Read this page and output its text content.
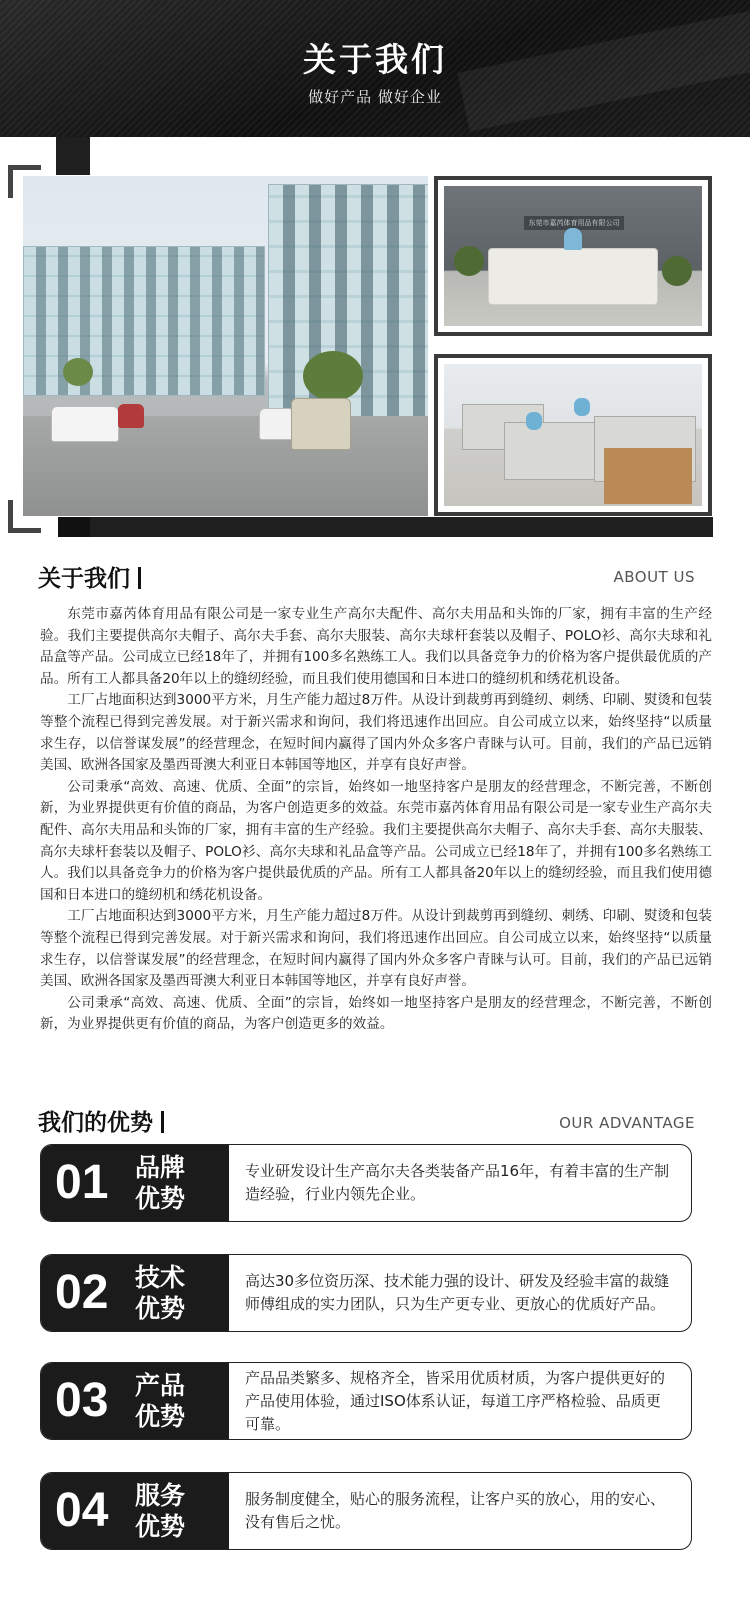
关于我们
做好产品 做好企业
东莞市嘉芮体育用品有限公司
关于我们	ABOUT US

东莞市嘉芮体育用品有限公司是一家专业生产高尔夫配件、高尔夫用品和头饰的厂家，拥有丰富的生产经验。我们主要提供高尔夫帽子、高尔夫手套、高尔夫服装、高尔夫球杆套装以及帽子、POLO衫、高尔夫球和礼品盒等产品。公司成立已经18年了，并拥有100多名熟练工人。我们以具备竞争力的价格为客户提供最优质的产品。所有工人都具备20年以上的缝纫经验，而且我们使用德国和日本进口的缝纫机和绣花机设备。

工厂占地面积达到3000平方米，月生产能力超过8万件。从设计到裁剪再到缝纫、刺绣、印刷、熨烫和包装等整个流程已得到完善发展。对于新兴需求和询问，我们将迅速作出回应。自公司成立以来，始终坚持“以质量求生存，以信誉谋发展”的经营理念，在短时间内赢得了国内外众多客户青睐与认可。目前，我们的产品已远销美国、欧洲各国家及墨西哥澳大利亚日本韩国等地区，并享有良好声誉。

公司秉承“高效、高速、优质、全面”的宗旨，始终如一地坚持客户是朋友的经营理念，不断完善，不断创新，为业界提供更有价值的商品，为客户创造更多的效益。东莞市嘉芮体育用品有限公司是一家专业生产高尔夫配件、高尔夫用品和头饰的厂家，拥有丰富的生产经验。我们主要提供高尔夫帽子、高尔夫手套、高尔夫服装、高尔夫球杆套装以及帽子、POLO衫、高尔夫球和礼品盒等产品。公司成立已经18年了，并拥有100多名熟练工人。我们以具备竞争力的价格为客户提供最优质的产品。所有工人都具备20年以上的缝纫经验，而且我们使用德国和日本进口的缝纫机和绣花机设备。

工厂占地面积达到3000平方米，月生产能力超过8万件。从设计到裁剪再到缝纫、刺绣、印刷、熨烫和包装等整个流程已得到完善发展。对于新兴需求和询问，我们将迅速作出回应。自公司成立以来，始终坚持“以质量求生存，以信誉谋发展”的经营理念，在短时间内赢得了国内外众多客户青睐与认可。目前，我们的产品已远销美国、欧洲各国家及墨西哥澳大利亚日本韩国等地区，并享有良好声誉。

公司秉承“高效、高速、优质、全面”的宗旨，始终如一地坚持客户是朋友的经营理念，不断完善，不断创新，为业界提供更有价值的商品，为客户创造更多的效益。

我们的优势	OUR ADVANTAGE
01 品牌优势
专业研发设计生产高尔夫各类装备产品16年，有着丰富的生产制造经验，行业内领先企业。
02 技术优势
高达30多位资历深、技术能力强的设计、研发及经验丰富的裁缝师傅组成的实力团队，只为生产更专业、更放心的优质好产品。
03 产品优势
产品品类繁多、规格齐全，皆采用优质材质，为客户提供更好的产品使用体验，通过ISO体系认证，每道工序严格检验、品质更可靠。
04 服务优势
服务制度健全，贴心的服务流程，让客户买的放心，用的安心、没有售后之忧。
